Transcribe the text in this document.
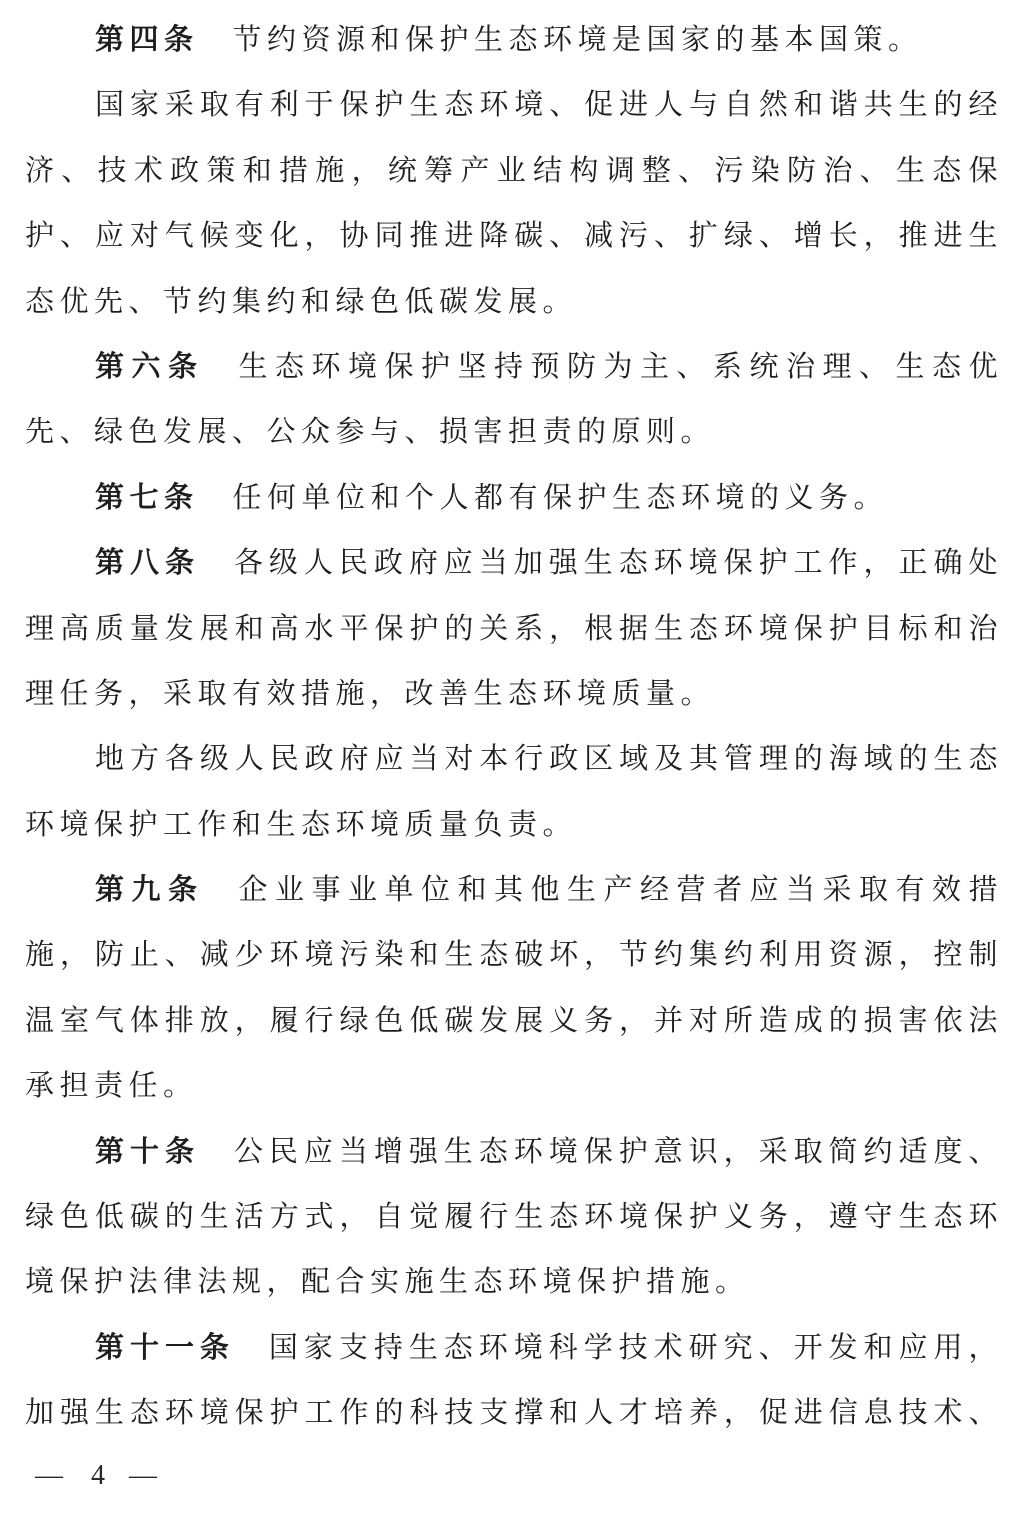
第四条 节约资源和保护生态环境是国家的基本国策。
国家采取有利于保护生态环境、促进人与自然和谐共生的经
济、技术政策和措施，统筹产业结构调整、污染防治、生态保
护、应对气候变化，协同推进降碳、减污、扩绿、增长，推进生
态优先、节约集约和绿色低碳发展。
第六条 生态环境保护坚持预防为主、系统治理、生态优
先、绿色发展、公众参与、损害担责的原则。
第七条 任何单位和个人都有保护生态环境的义务。
第八条 各级人民政府应当加强生态环境保护工作，正确处
理高质量发展和高水平保护的关系，根据生态环境保护目标和治
理任务，采取有效措施，改善生态环境质量。
地方各级人民政府应当对本行政区域及其管理的海域的生态
环境保护工作和生态环境质量负责。
第九条 企业事业单位和其他生产经营者应当采取有效措
施，防止、减少环境污染和生态破坏，节约集约利用资源，控制
温室气体排放，履行绿色低碳发展义务，并对所造成的损害依法
承担责任。
第十条 公民应当增强生态环境保护意识，采取简约适度、
绿色低碳的生活方式，自觉履行生态环境保护义务，遵守生态环
境保护法律法规，配合实施生态环境保护措施。
第十一条 国家支持生态环境科学技术研究、开发和应用，
加强生态环境保护工作的科技支撑和人才培养，促进信息技术、
— 4 —
